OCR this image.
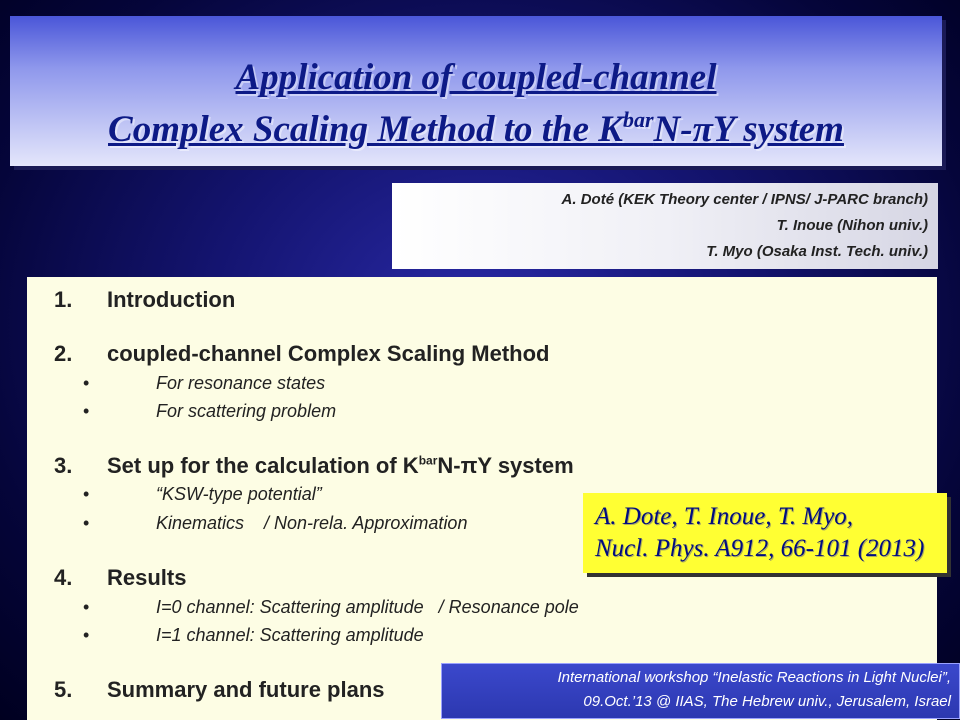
Application of coupled-channel
Complex Scaling Method to the $K^{bar}N-\pi Y$ system
A. Doté (KEK Theory center / IPNS/ J-PARC branch)
T. Inoue (Nihon univ.)
T. Myo (Osaka Inst. Tech. univ.)
1. Introduction
2. coupled-channel Complex Scaling Method
•	For resonance states
•	For scattering problem
3. Set up for the calculation of $K^{bar}N-\pi Y$ system
•	“KSW-type potential”
•	Kinematics    / Non-rela. Approximation
4. Results
•	I=0 channel: Scattering amplitude   / Resonance pole
•	I=1 channel: Scattering amplitude
5. Summary and future plans
A. Dote, T. Inoue, T. Myo,
Nucl. Phys. A912, 66-101 (2013)
International workshop “Inelastic Reactions in Light Nuclei”,
09.Oct.’13 @ IIAS, The Hebrew univ., Jerusalem, Israel
